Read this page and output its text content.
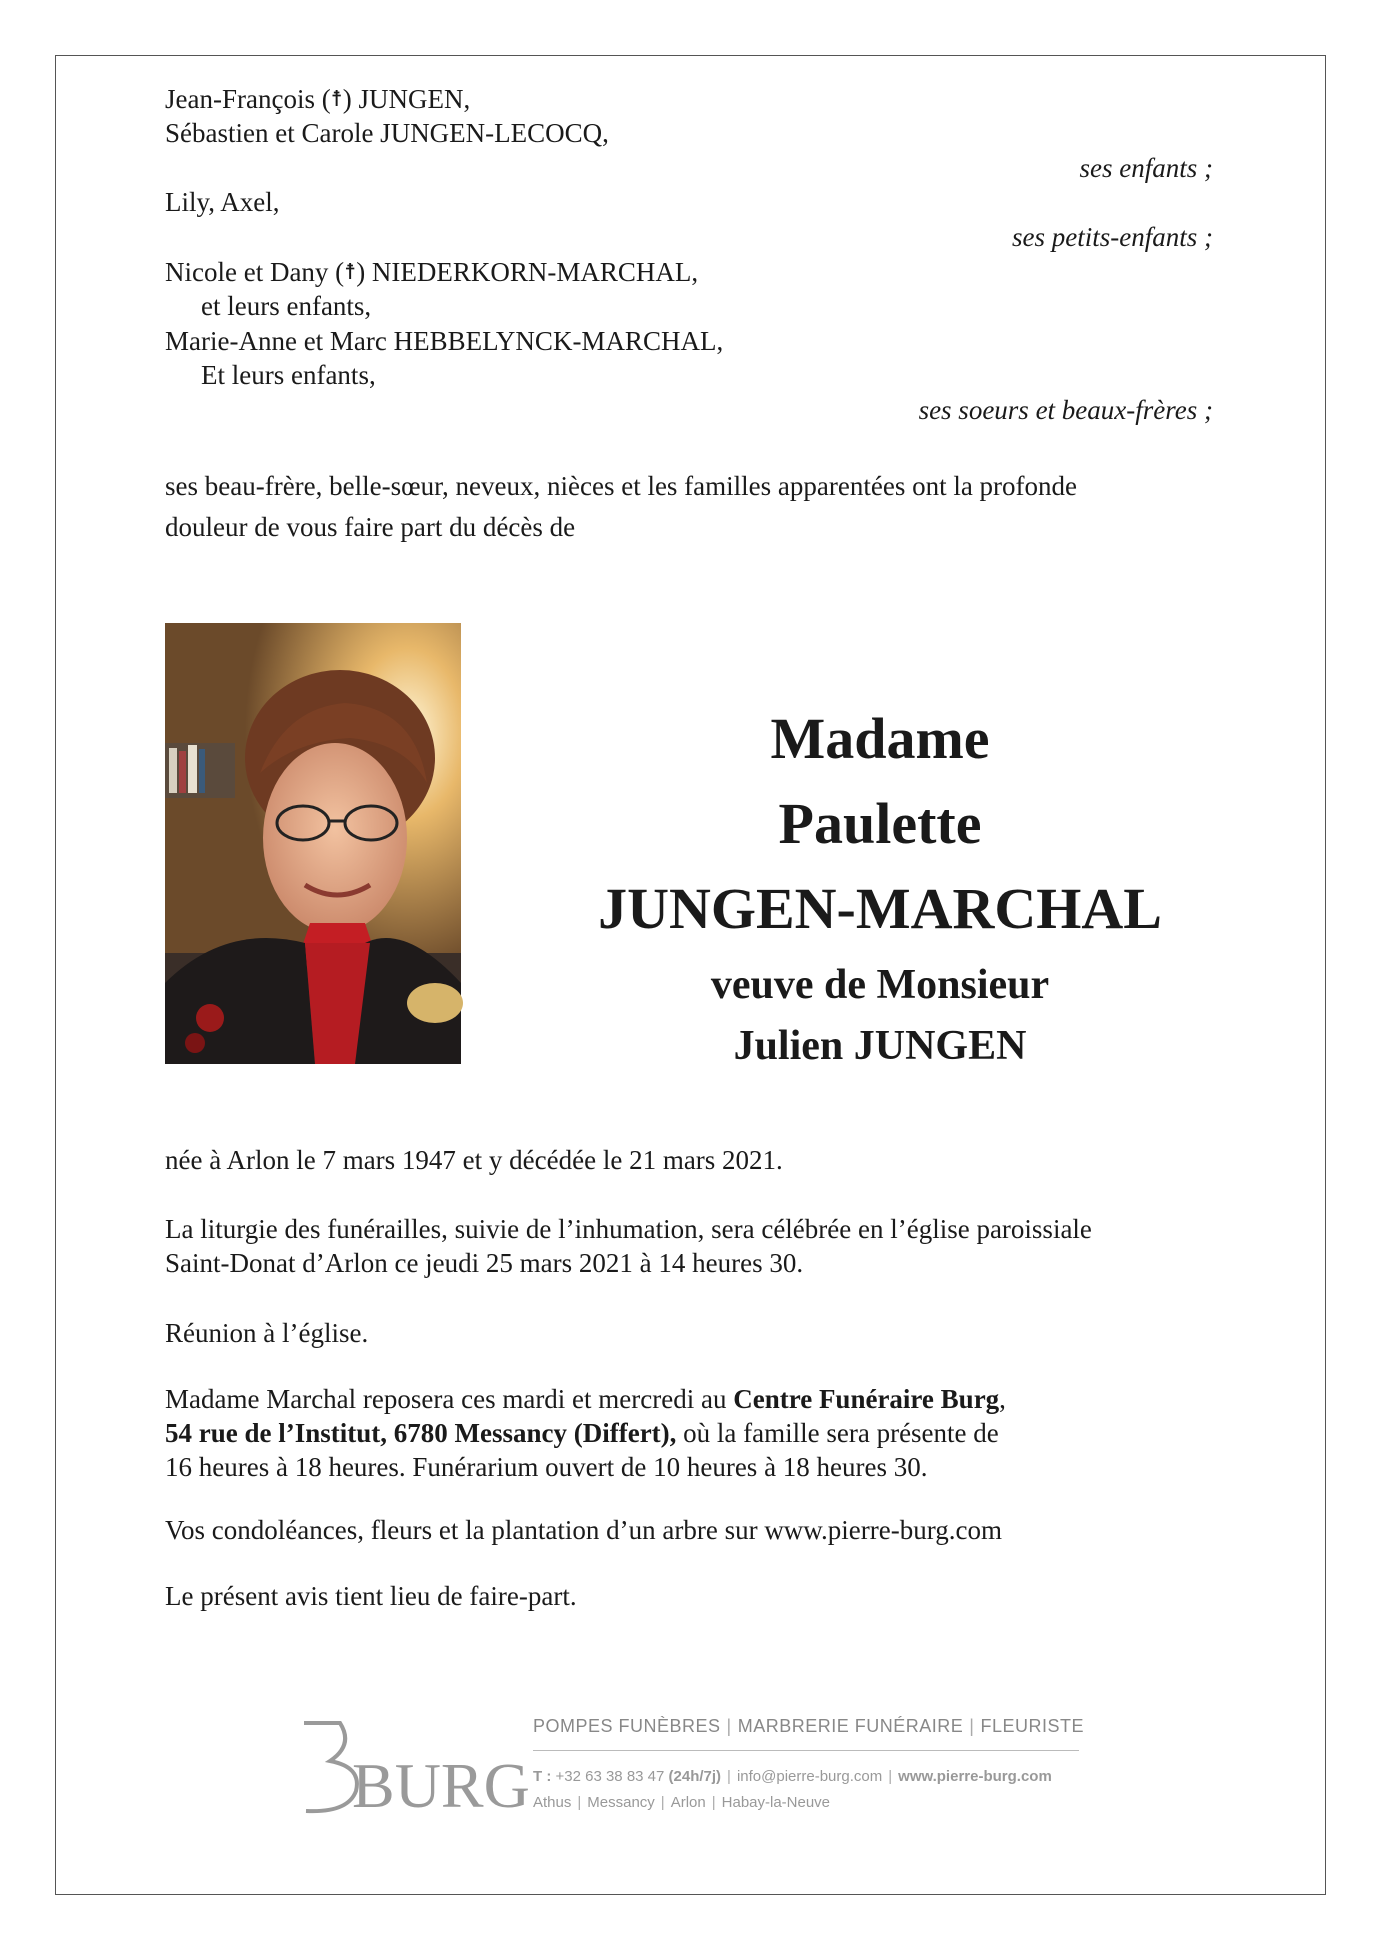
Jean-François (☨) JUNGEN,
Sébastien et Carole JUNGEN-LECOCQ,
ses enfants ;
Lily, Axel,
ses petits-enfants ;
Nicole et Dany (☨) NIEDERKORN-MARCHAL,
et leurs enfants,
Marie-Anne et Marc HEBBELYNCK-MARCHAL,
Et leurs enfants,
ses soeurs et beaux-frères ;
ses beau-frère, belle-sœur, neveux, nièces et les familles apparentées ont la profonde
douleur de vous faire part du décès de
Madame
Paulette
JUNGEN-MARCHAL
veuve de Monsieur
Julien JUNGEN
née à Arlon le 7 mars 1947 et y décédée le 21 mars 2021.
La liturgie des funérailles, suivie de l’inhumation, sera célébrée en l’église paroissiale
Saint-Donat d’Arlon ce jeudi 25 mars 2021 à 14 heures 30.
Réunion à l’église.
Madame Marchal reposera ces mardi et mercredi au Centre Funéraire Burg,
54 rue de l’Institut, 6780 Messancy (Differt), où la famille sera présente de
16 heures à 18 heures. Funérarium ouvert de 10 heures à 18 heures 30.
Vos condoléances, fleurs et la plantation d’un arbre sur www.pierre-burg.com
Le présent avis tient lieu de faire-part.
BURG
POMPES FUNÈBRES | MARBRERIE FUNÉRAIRE | FLEURISTE
T : +32 63 38 83 47 (24h/7j) | info@pierre-burg.com | www.pierre-burg.com
Athus | Messancy | Arlon | Habay-la-Neuve
